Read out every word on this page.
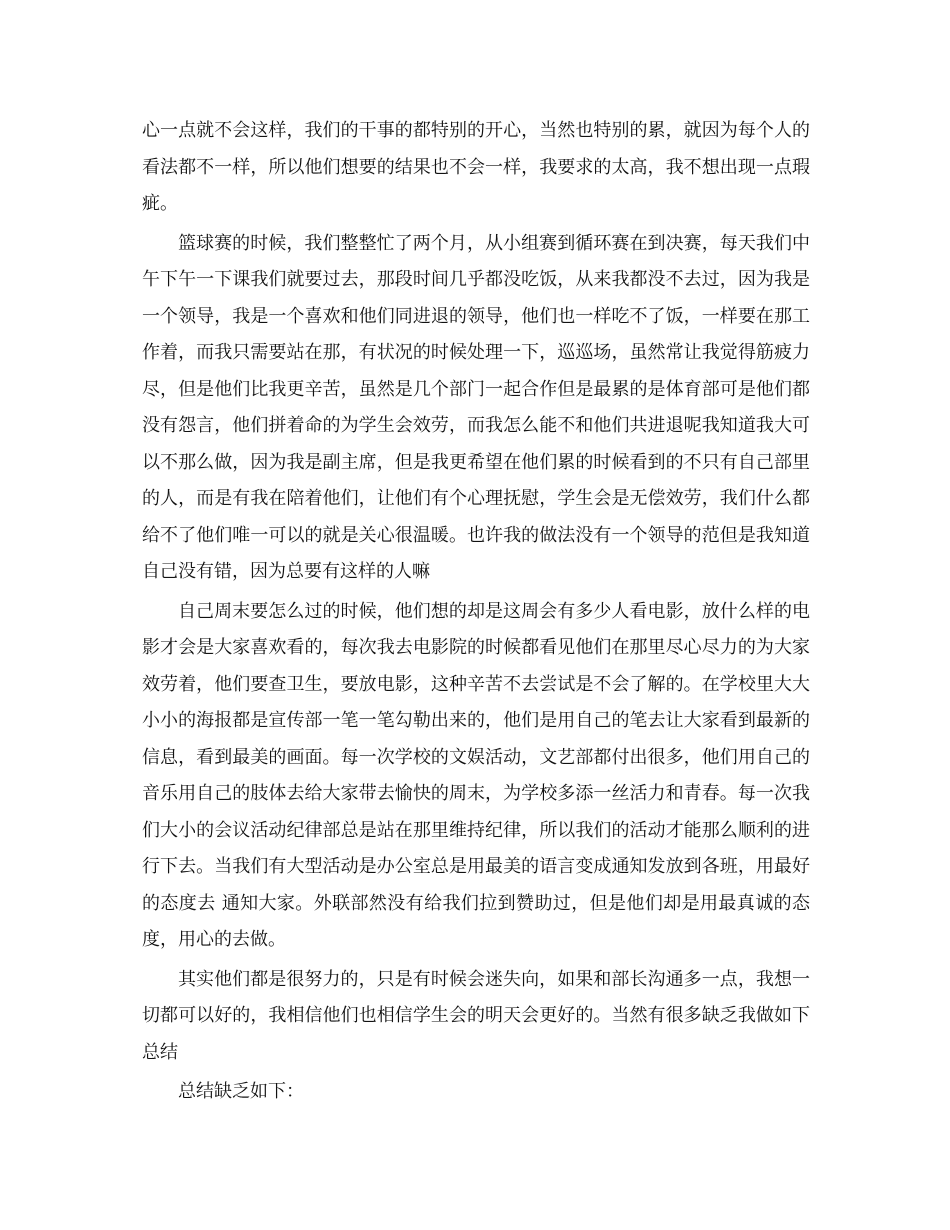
心一点就不会这样，我们的干事的都特别的开心，当然也特别的累，就因为每个人的看法都不一样，所以他们想要的结果也不会一样，我要求的太高，我不想出现一点瑕疵。

篮球赛的时候，我们整整忙了两个月，从小组赛到循环赛在到决赛，每天我们中午下午一下课我们就要过去，那段时间几乎都没吃饭，从来我都没不去过，因为我是一个领导，我是一个喜欢和他们同进退的领导，他们也一样吃不了饭，一样要在那工作着，而我只需要站在那，有状况的时候处理一下，巡巡场，虽然常让我觉得筋疲力尽，但是他们比我更辛苦，虽然是几个部门一起合作但是最累的是体育部可是他们都没有怨言，他们拼着命的为学生会效劳，而我怎么能不和他们共进退呢我知道我大可以不那么做，因为我是副主席，但是我更希望在他们累的时候看到的不只有自己部里的人，而是有我在陪着他们，让他们有个心理抚慰，学生会是无偿效劳，我们什么都给不了他们唯一可以的就是关心很温暖。也许我的做法没有一个领导的范但是我知道自己没有错，因为总要有这样的人嘛

自己周末要怎么过的时候，他们想的却是这周会有多少人看电影，放什么样的电影才会是大家喜欢看的，每次我去电影院的时候都看见他们在那里尽心尽力的为大家效劳着，他们要查卫生，要放电影，这种辛苦不去尝试是不会了解的。在学校里大大小小的海报都是宣传部一笔一笔勾勒出来的，他们是用自己的笔去让大家看到最新的信息，看到最美的画面。每一次学校的文娱活动，文艺部都付出很多，他们用自己的音乐用自己的肢体去给大家带去愉快的周末，为学校多添一丝活力和青春。每一次我们大小的会议活动纪律部总是站在那里维持纪律，所以我们的活动才能那么顺利的进行下去。当我们有大型活动是办公室总是用最美的语言变成通知发放到各班，用最好的态度去 通知大家。外联部然没有给我们拉到赞助过，但是他们却是用最真诚的态度，用心的去做。

其实他们都是很努力的，只是有时候会迷失向，如果和部长沟通多一点，我想一切都可以好的，我相信他们也相信学生会的明天会更好的。当然有很多缺乏我做如下总结

总结缺乏如下：
